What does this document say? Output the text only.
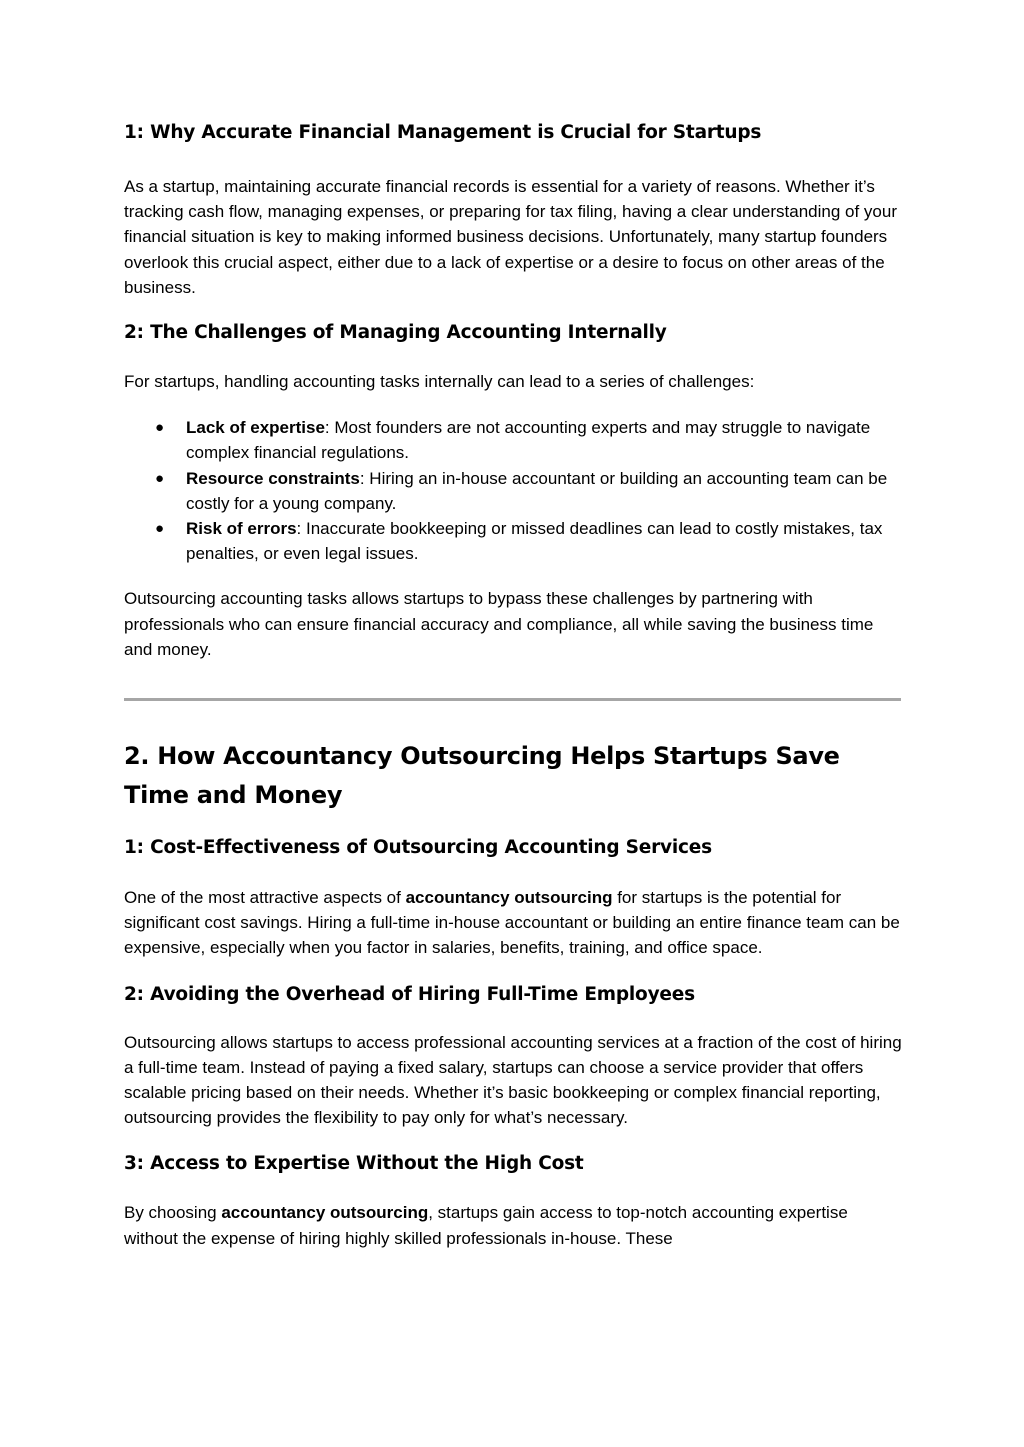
1: Why Accurate Financial Management is Crucial for Startups

As a startup, maintaining accurate financial records is essential for a variety of reasons. Whether it’s tracking cash flow, managing expenses, or preparing for tax filing, having a clear understanding of your financial situation is key to making informed business decisions. Unfortunately, many startup founders overlook this crucial aspect, either due to a lack of expertise or a desire to focus on other areas of the business.

2: The Challenges of Managing Accounting Internally

For startups, handling accounting tasks internally can lead to a series of challenges:

● Lack of expertise: Most founders are not accounting experts and may struggle to navigate complex financial regulations.
● Resource constraints: Hiring an in-house accountant or building an accounting team can be costly for a young company.
● Risk of errors: Inaccurate bookkeeping or missed deadlines can lead to costly mistakes, tax penalties, or even legal issues.

Outsourcing accounting tasks allows startups to bypass these challenges by partnering with professionals who can ensure financial accuracy and compliance, all while saving the business time and money.

2. How Accountancy Outsourcing Helps Startups Save Time and Money
1: Cost-Effectiveness of Outsourcing Accounting Services

One of the most attractive aspects of accountancy outsourcing for startups is the potential for significant cost savings. Hiring a full-time in-house accountant or building an entire finance team can be expensive, especially when you factor in salaries, benefits, training, and office space.

2: Avoiding the Overhead of Hiring Full-Time Employees

Outsourcing allows startups to access professional accounting services at a fraction of the cost of hiring a full-time team. Instead of paying a fixed salary, startups can choose a service provider that offers scalable pricing based on their needs. Whether it’s basic bookkeeping or complex financial reporting, outsourcing provides the flexibility to pay only for what’s necessary.

3: Access to Expertise Without the High Cost

By choosing accountancy outsourcing, startups gain access to top-notch accounting expertise without the expense of hiring highly skilled professionals in-house. These
